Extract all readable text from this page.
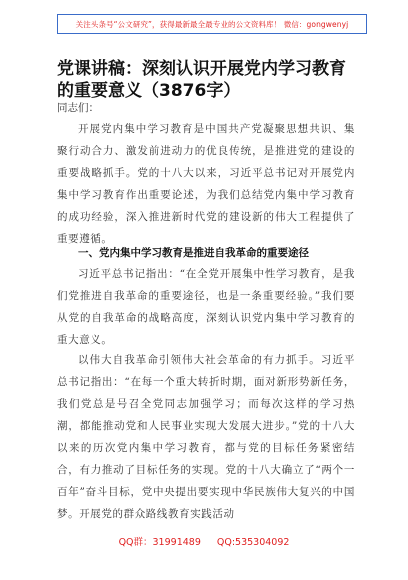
关注头条号“公文研究”，获得最新最全最专业的公文资料库！ 微信：gongwenyj
党课讲稿：深刻认识开展党内学习教育的重要意义（3876字）
同志们：
开展党内集中学习教育是中国共产党凝聚思想共识、集聚行动合力、激发前进动力的优良传统，是推进党的建设的重要战略抓手。党的十八大以来，习近平总书记对开展党内集中学习教育作出重要论述，为我们总结党内集中学习教育的成功经验，深入推进新时代党的建设新的伟大工程提供了重要遵循。
一、党内集中学习教育是推进自我革命的重要途径
习近平总书记指出：“在全党开展集中性学习教育，是我们党推进自我革命的重要途径，也是一条重要经验。”我们要从党的自我革命的战略高度，深刻认识党内集中学习教育的重大意义。
以伟大自我革命引领伟大社会革命的有力抓手。习近平总书记指出：“在每一个重大转折时期，面对新形势新任务，我们党总是号召全党同志加强学习；而每次这样的学习热潮，都能推动党和人民事业实现大发展大进步。”党的十八大以来的历次党内集中学习教育，都与党的目标任务紧密结合，有力推动了目标任务的实现。党的十八大确立了“两个一百年”奋斗目标，党中央提出要实现中华民族伟大复兴的中国梦。开展党的群众路线教育实践活动
QQ群：31991489 QQ:535304092
